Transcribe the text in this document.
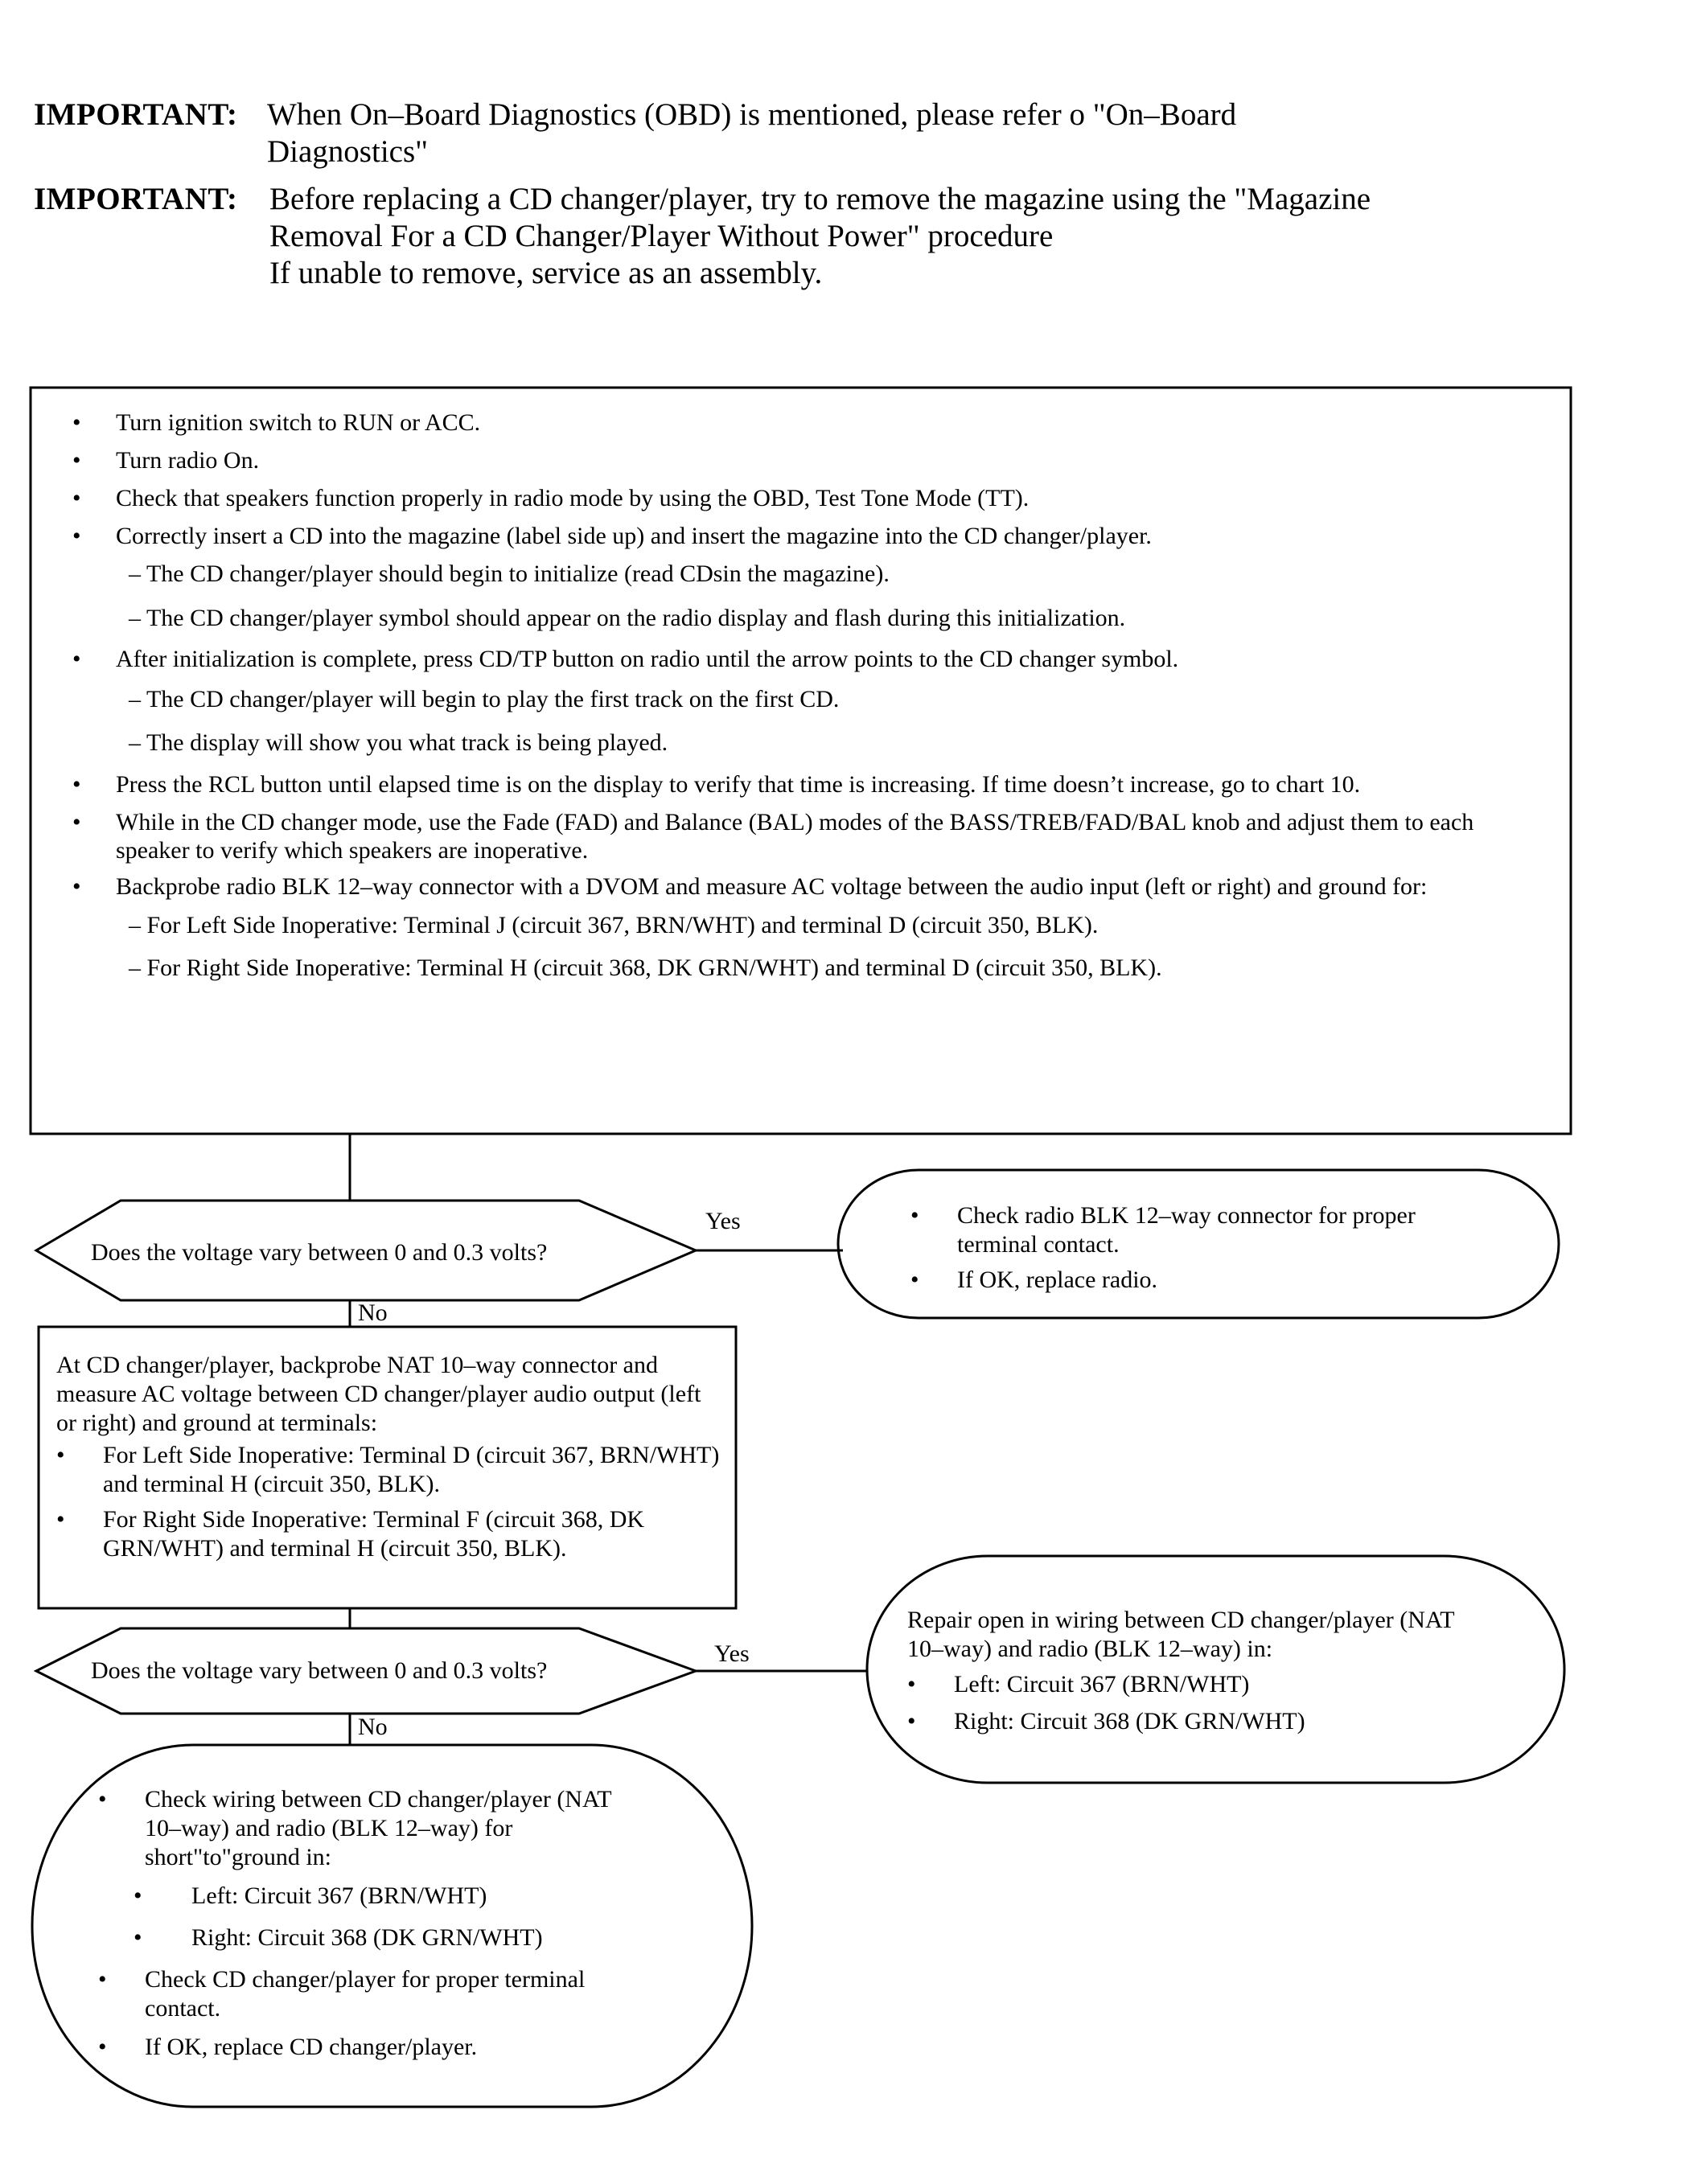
IMPORTANT: When On–Board Diagnostics (OBD) is mentioned, please refer o "On–Board
Diagnostics"
IMPORTANT: Before replacing a CD changer/player, try to remove the magazine using the "Magazine
Removal For a CD Changer/Player Without Power" procedure
If unable to remove, service as an assembly.
• Turn ignition switch to RUN or ACC.
• Turn radio On.
• Check that speakers function properly in radio mode by using the OBD, Test Tone Mode (TT).
• Correctly insert a CD into the magazine (label side up) and insert the magazine into the CD changer/player.
– The CD changer/player should begin to initialize (read CDsin the magazine).
– The CD changer/player symbol should appear on the radio display and flash during this initialization.
• After initialization is complete, press CD/TP button on radio until the arrow points to the CD changer symbol.
– The CD changer/player will begin to play the first track on the first CD.
– The display will show you what track is being played.
• Press the RCL button until elapsed time is on the display to verify that time is increasing. If time doesn’t increase, go to chart 10.
• While in the CD changer mode, use the Fade (FAD) and Balance (BAL) modes of the BASS/TREB/FAD/BAL knob and adjust them to each speaker to verify which speakers are inoperative.
• Backprobe radio BLK 12–way connector with a DVOM and measure AC voltage between the audio input (left or right) and ground for:
– For Left Side Inoperative: Terminal J (circuit 367, BRN/WHT) and terminal D (circuit 350, BLK).
– For Right Side Inoperative: Terminal H (circuit 368, DK GRN/WHT) and terminal D (circuit 350, BLK).
Does the voltage vary between 0 and 0.3 volts?
Yes
No
• Check radio BLK 12–way connector for proper terminal contact.
• If OK, replace radio.
At CD changer/player, backprobe NAT 10–way connector and measure AC voltage between CD changer/player audio output (left or right) and ground at terminals:
• For Left Side Inoperative: Terminal D (circuit 367, BRN/WHT) and terminal H (circuit 350, BLK).
• For Right Side Inoperative: Terminal F (circuit 368, DK GRN/WHT) and terminal H (circuit 350, BLK).
Does the voltage vary between 0 and 0.3 volts?
Yes
No
Repair open in wiring between CD changer/player (NAT 10–way) and radio (BLK 12–way) in:
• Left: Circuit 367 (BRN/WHT)
• Right: Circuit 368 (DK GRN/WHT)
• Check wiring between CD changer/player (NAT 10–way) and radio (BLK 12–way) for short"to"ground in:
• Left: Circuit 367 (BRN/WHT)
• Right: Circuit 368 (DK GRN/WHT)
• Check CD changer/player for proper terminal contact.
• If OK, replace CD changer/player.
